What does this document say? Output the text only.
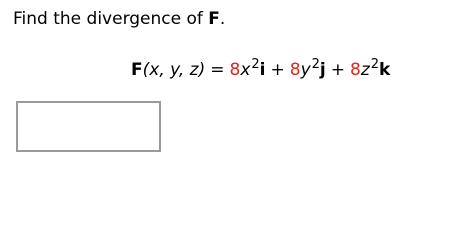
Find the divergence of F.
F(x, y, $z) = 8x^2i + 8y^2j + 8z^2k$
